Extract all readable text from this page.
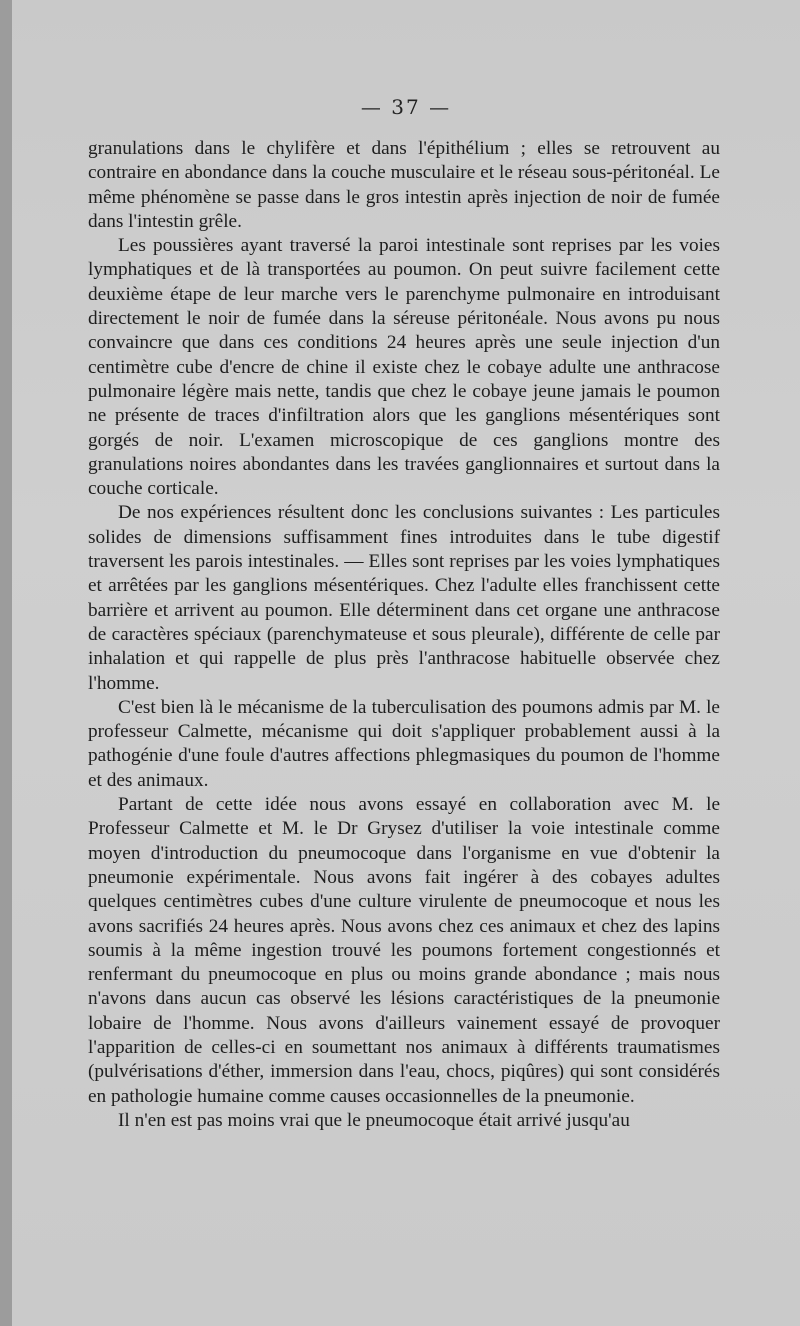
— 37 —

granulations dans le chylifère et dans l'épithélium ; elles se retrouvent au contraire en abondance dans la couche musculaire et le réseau sous-péritonéal. Le même phénomène se passe dans le gros intestin après injection de noir de fumée dans l'intestin grêle.

Les poussières ayant traversé la paroi intestinale sont reprises par les voies lymphatiques et de là transportées au poumon. On peut suivre facilement cette deuxième étape de leur marche vers le parenchyme pulmonaire en introduisant directement le noir de fumée dans la séreuse péritonéale. Nous avons pu nous convaincre que dans ces conditions 24 heures après une seule injection d'un centimètre cube d'encre de chine il existe chez le cobaye adulte une anthracose pulmonaire légère mais nette, tandis que chez le cobaye jeune jamais le poumon ne présente de traces d'infiltration alors que les ganglions mésentériques sont gorgés de noir. L'examen microscopique de ces ganglions montre des granulations noires abondantes dans les travées ganglionnaires et surtout dans la couche corticale.

De nos expériences résultent donc les conclusions suivantes : Les particules solides de dimensions suffisamment fines introduites dans le tube digestif traversent les parois intestinales. — Elles sont reprises par les voies lymphatiques et arrêtées par les ganglions mésentériques. Chez l'adulte elles franchissent cette barrière et arrivent au poumon. Elle déterminent dans cet organe une anthracose de caractères spéciaux (parenchymateuse et sous pleurale), différente de celle par inhalation et qui rappelle de plus près l'anthracose habituelle observée chez l'homme.

C'est bien là le mécanisme de la tuberculisation des poumons admis par M. le professeur Calmette, mécanisme qui doit s'appliquer probablement aussi à la pathogénie d'une foule d'autres affections phlegmasiques du poumon de l'homme et des animaux.

Partant de cette idée nous avons essayé en collaboration avec M. le Professeur Calmette et M. le Dr Grysez d'utiliser la voie intestinale comme moyen d'introduction du pneumocoque dans l'organisme en vue d'obtenir la pneumonie expérimentale. Nous avons fait ingérer à des cobayes adultes quelques centimètres cubes d'une culture virulente de pneumocoque et nous les avons sacrifiés 24 heures après. Nous avons chez ces animaux et chez des lapins soumis à la même ingestion trouvé les poumons fortement congestionnés et renfermant du pneumocoque en plus ou moins grande abondance ; mais nous n'avons dans aucun cas observé les lésions caractéristiques de la pneumonie lobaire de l'homme. Nous avons d'ailleurs vainement essayé de provoquer l'apparition de celles-ci en soumettant nos animaux à différents traumatismes (pulvérisations d'éther, immersion dans l'eau, chocs, piqûres) qui sont considérés en pathologie humaine comme causes occasionnelles de la pneumonie.

Il n'en est pas moins vrai que le pneumocoque était arrivé jusqu'au
